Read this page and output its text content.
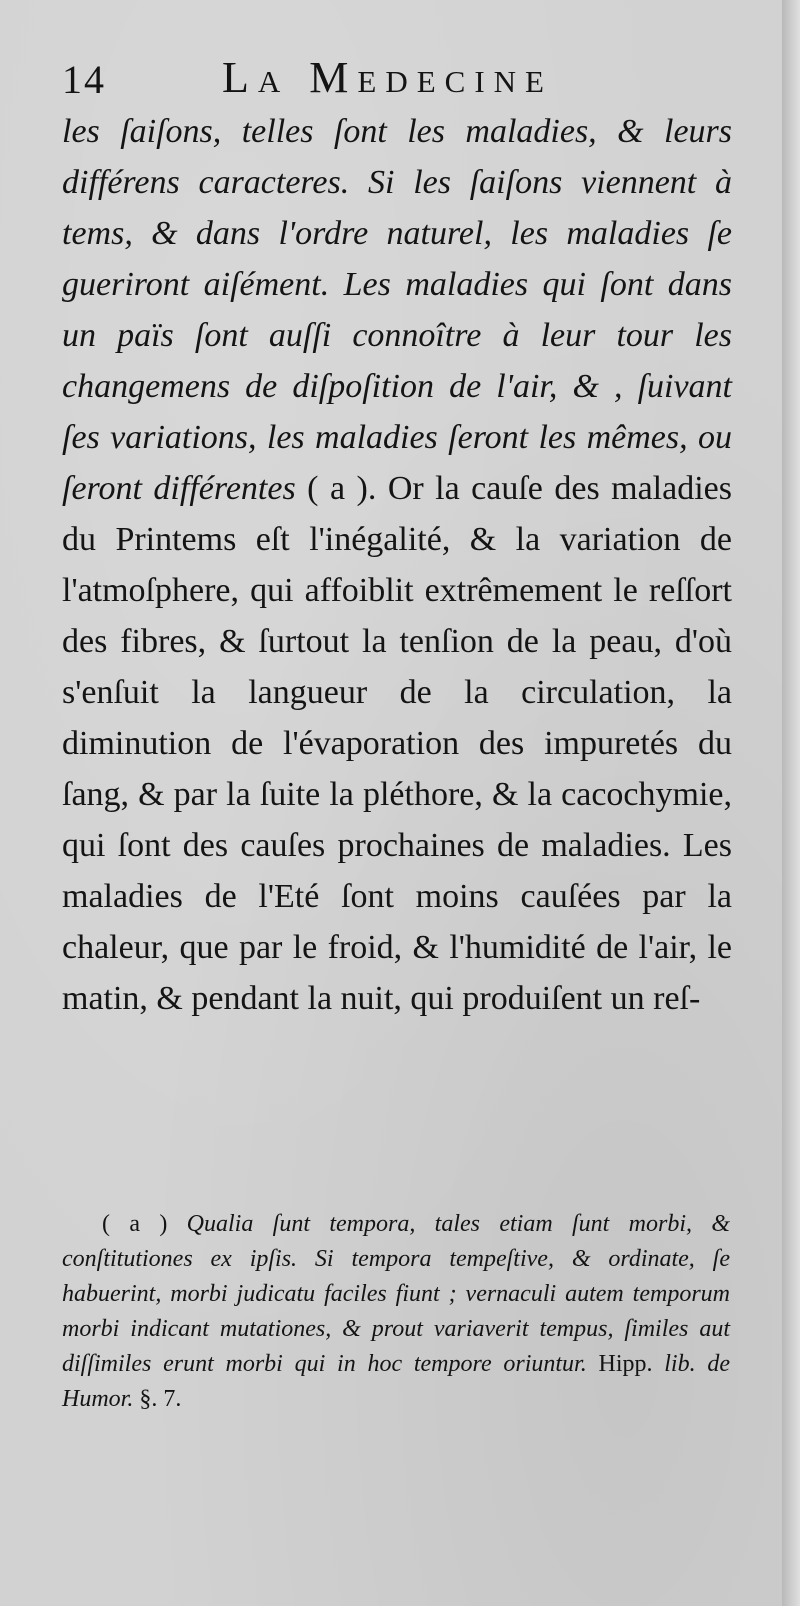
14	La Medecine

les ſaiſons, telles ſont les maladies, & leurs différens caracteres. Si les ſaiſons viennent à tems, & dans l'ordre naturel, les maladies ſe gueriront aiſément. Les maladies qui ſont dans un païs ſont auſſi connoître à leur tour les changemens de diſpoſition de l'air, & , ſuivant ſes variations, les maladies ſeront les mêmes, ou ſeront différentes ( a ). Or la cauſe des maladies du Printems eſt l'inégalité, & la variation de l'atmoſphere, qui affoiblit extrêmement le reſſort des fibres, & ſurtout la tenſion de la peau, d'où s'enſuit la langueur de la circulation, la diminution de l'évaporation des impuretés du ſang, & par la ſuite la pléthore, & la cacochymie, qui ſont des cauſes prochaines de maladies. Les maladies de l'Eté ſont moins cauſées par la chaleur, que par le froid, & l'humidité de l'air, le matin, & pendant la nuit, qui produiſent un reſ-

( a ) Qualia ſunt tempora, tales etiam ſunt morbi, & conſtitutiones ex ipſis. Si tempora tempeſtive, & ordinate, ſe habuerint, morbi judicatu faciles fiunt ; vernaculi autem temporum morbi indicant mutationes, & prout variaverit tempus, ſimiles aut diſſimiles erunt morbi qui in hoc tempore oriuntur. Hipp. lib. de Humor. §. 7.
